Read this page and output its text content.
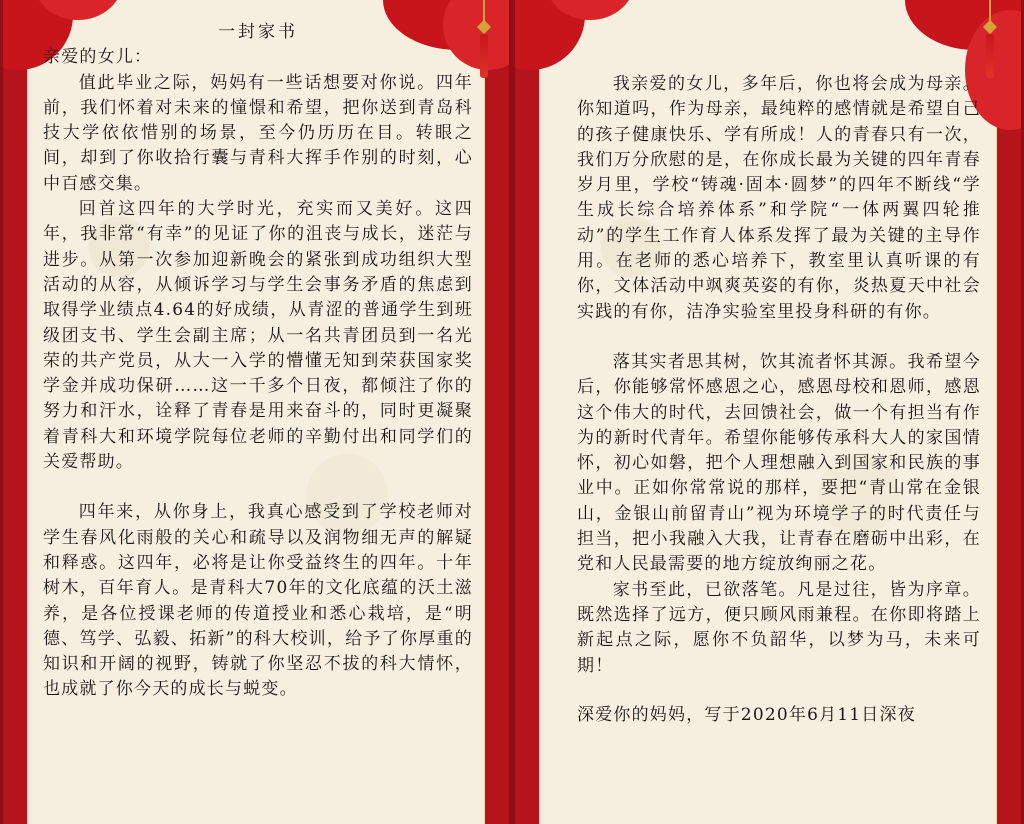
一封家书

亲爱的女儿：

值此毕业之际，妈妈有一些话想要对你说。四年前，我们怀着对未来的憧憬和希望，把你送到青岛科技大学依依惜别的场景，至今仍历历在目。转眼之间，却到了你收拾行囊与青科大挥手作别的时刻，心中百感交集。

回首这四年的大学时光，充实而又美好。这四年，我非常“有幸”的见证了你的沮丧与成长，迷茫与进步。从第一次参加迎新晚会的紧张到成功组织大型活动的从容，从倾诉学习与学生会事务矛盾的焦虑到取得学业绩点4.64的好成绩，从青涩的普通学生到班级团支书、学生会副主席；从一名共青团员到一名光荣的共产党员，从大一入学的懵懂无知到荣获国家奖学金并成功保研……这一千多个日夜，都倾注了你的努力和汗水，诠释了青春是用来奋斗的，同时更凝聚着青科大和环境学院每位老师的辛勤付出和同学们的关爱帮助。

四年来，从你身上，我真心感受到了学校老师对学生春风化雨般的关心和疏导以及润物细无声的解疑和释惑。这四年，必将是让你受益终生的四年。十年树木，百年育人。是青科大70年的文化底蕴的沃土滋养，是各位授课老师的传道授业和悉心栽培，是“明德、笃学、弘毅、拓新”的科大校训，给予了你厚重的知识和开阔的视野，铸就了你坚忍不拔的科大情怀，也成就了你今天的成长与蜕变。

我亲爱的女儿，多年后，你也将会成为母亲。你知道吗，作为母亲，最纯粹的感情就是希望自己的孩子健康快乐、学有所成！人的青春只有一次，我们万分欣慰的是，在你成长最为关键的四年青春岁月里，学校“铸魂·固本·圆梦”的四年不断线“学生成长综合培养体系”和学院“一体两翼四轮推动”的学生工作育人体系发挥了最为关键的主导作用。在老师的悉心培养下，教室里认真听课的有你，文体活动中飒爽英姿的有你，炎热夏天中社会实践的有你，洁净实验室里投身科研的有你。

落其实者思其树，饮其流者怀其源。我希望今后，你能够常怀感恩之心，感恩母校和恩师，感恩这个伟大的时代，去回馈社会，做一个有担当有作为的新时代青年。希望你能够传承科大人的家国情怀，初心如磐，把个人理想融入到国家和民族的事业中。正如你常常说的那样，要把“青山常在金银山，金银山前留青山”视为环境学子的时代责任与担当，把小我融入大我，让青春在磨砺中出彩，在党和人民最需要的地方绽放绚丽之花。

家书至此，已欲落笔。凡是过往，皆为序章。既然选择了远方，便只顾风雨兼程。在你即将踏上新起点之际，愿你不负韶华，以梦为马，未来可期！

深爱你的妈妈，写于2020年6月11日深夜
